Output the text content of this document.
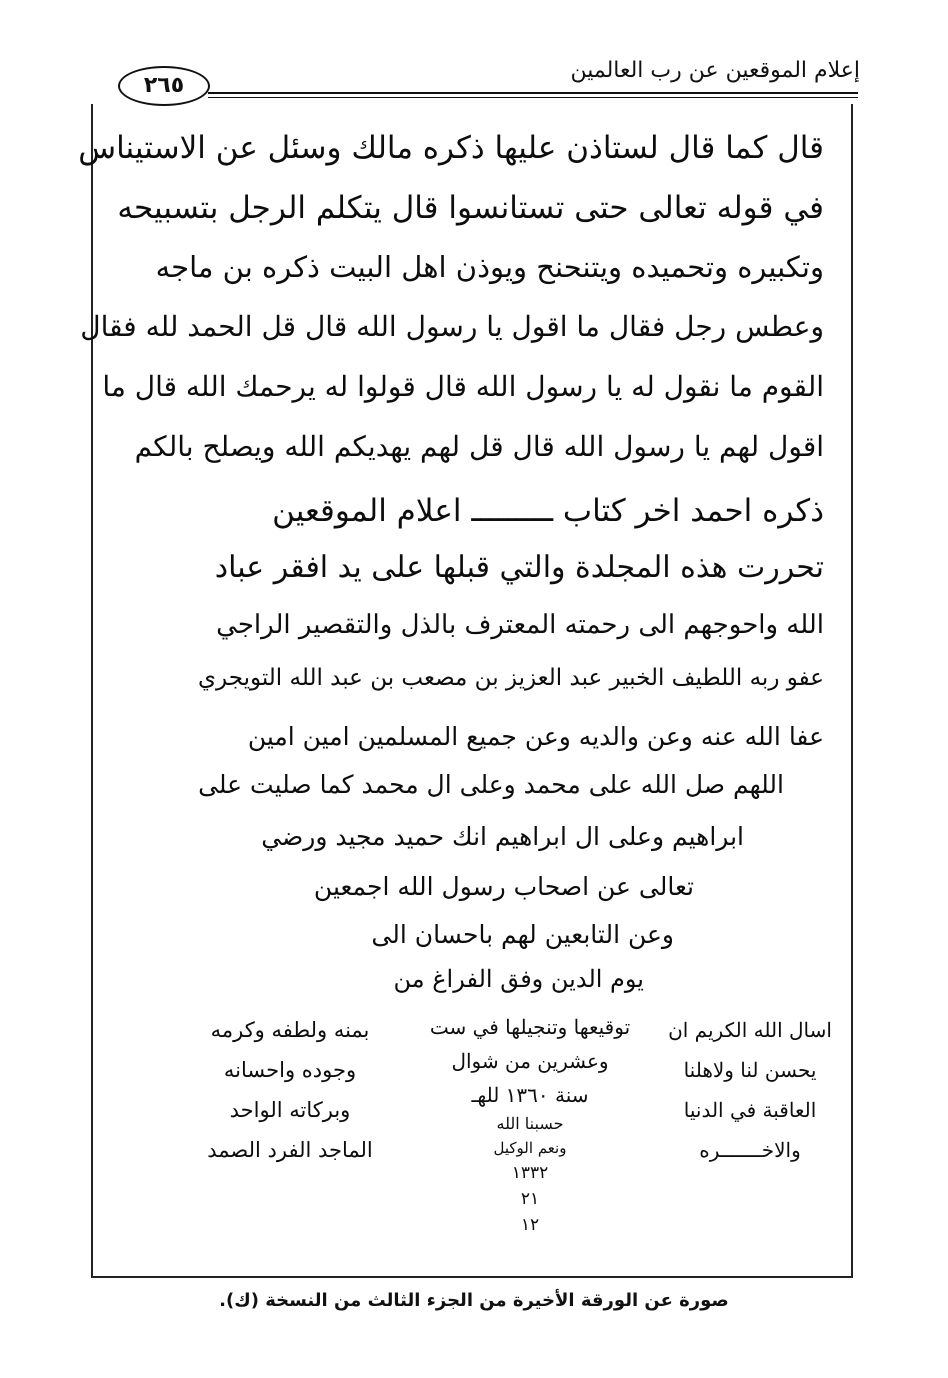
إعلام الموقعين عن رب العالمين
٢٦٥
قال كما قال لستاذن عليها ذكره مالك وسئل عن الاستيناس
في قوله تعالى حتى تستانسوا قال يتكلم الرجل بتسبيحه
وتكبيره وتحميده ويتنحنح ويوذن اهل البيت ذكره بن ماجه
وعطس رجل فقال ما اقول يا رسول الله قال قل الحمد لله فقال
القوم ما نقول له يا رسول الله قال قولوا له يرحمك الله قال ما
اقول لهم يا رسول الله قال قل لهم يهديكم الله ويصلح بالكم
ذكره احمد اخر كتاب ـــــــــ اعلام الموقعين
تحررت هذه المجلدة والتي قبلها على يد افقر عباد
الله واحوجهم الى رحمته المعترف بالذل والتقصير الراجي
عفو ربه اللطيف الخبير عبد العزيز بن مصعب بن عبد الله التويجري
عفا الله عنه وعن والديه وعن جميع المسلمين امين امين
اللهم صل الله على محمد وعلى ال محمد كما صليت على
ابراهيم وعلى ال ابراهيم انك حميد مجيد ورضي
تعالى عن اصحاب رسول الله اجمعين
وعن التابعين لهم باحسان الى
يوم الدين وفق الفراغ من
اسال الله الكريم ان
يحسن لنا ولاهلنا
العاقبة في الدنيا
والاخـــــــره
توقيعها وتنجيلها في ست
وعشرين من شوال
سنة ١٣٦٠ للهـ
حسبنا الله
ونعم الوكيل
١٣٣٢
٢١
١٢
بمنه ولطفه وكرمه
وجوده واحسانه
وبركاته الواحد
الماجد الفرد الصمد
صورة عن الورقة الأخيرة من الجزء الثالث من النسخة (ك).
